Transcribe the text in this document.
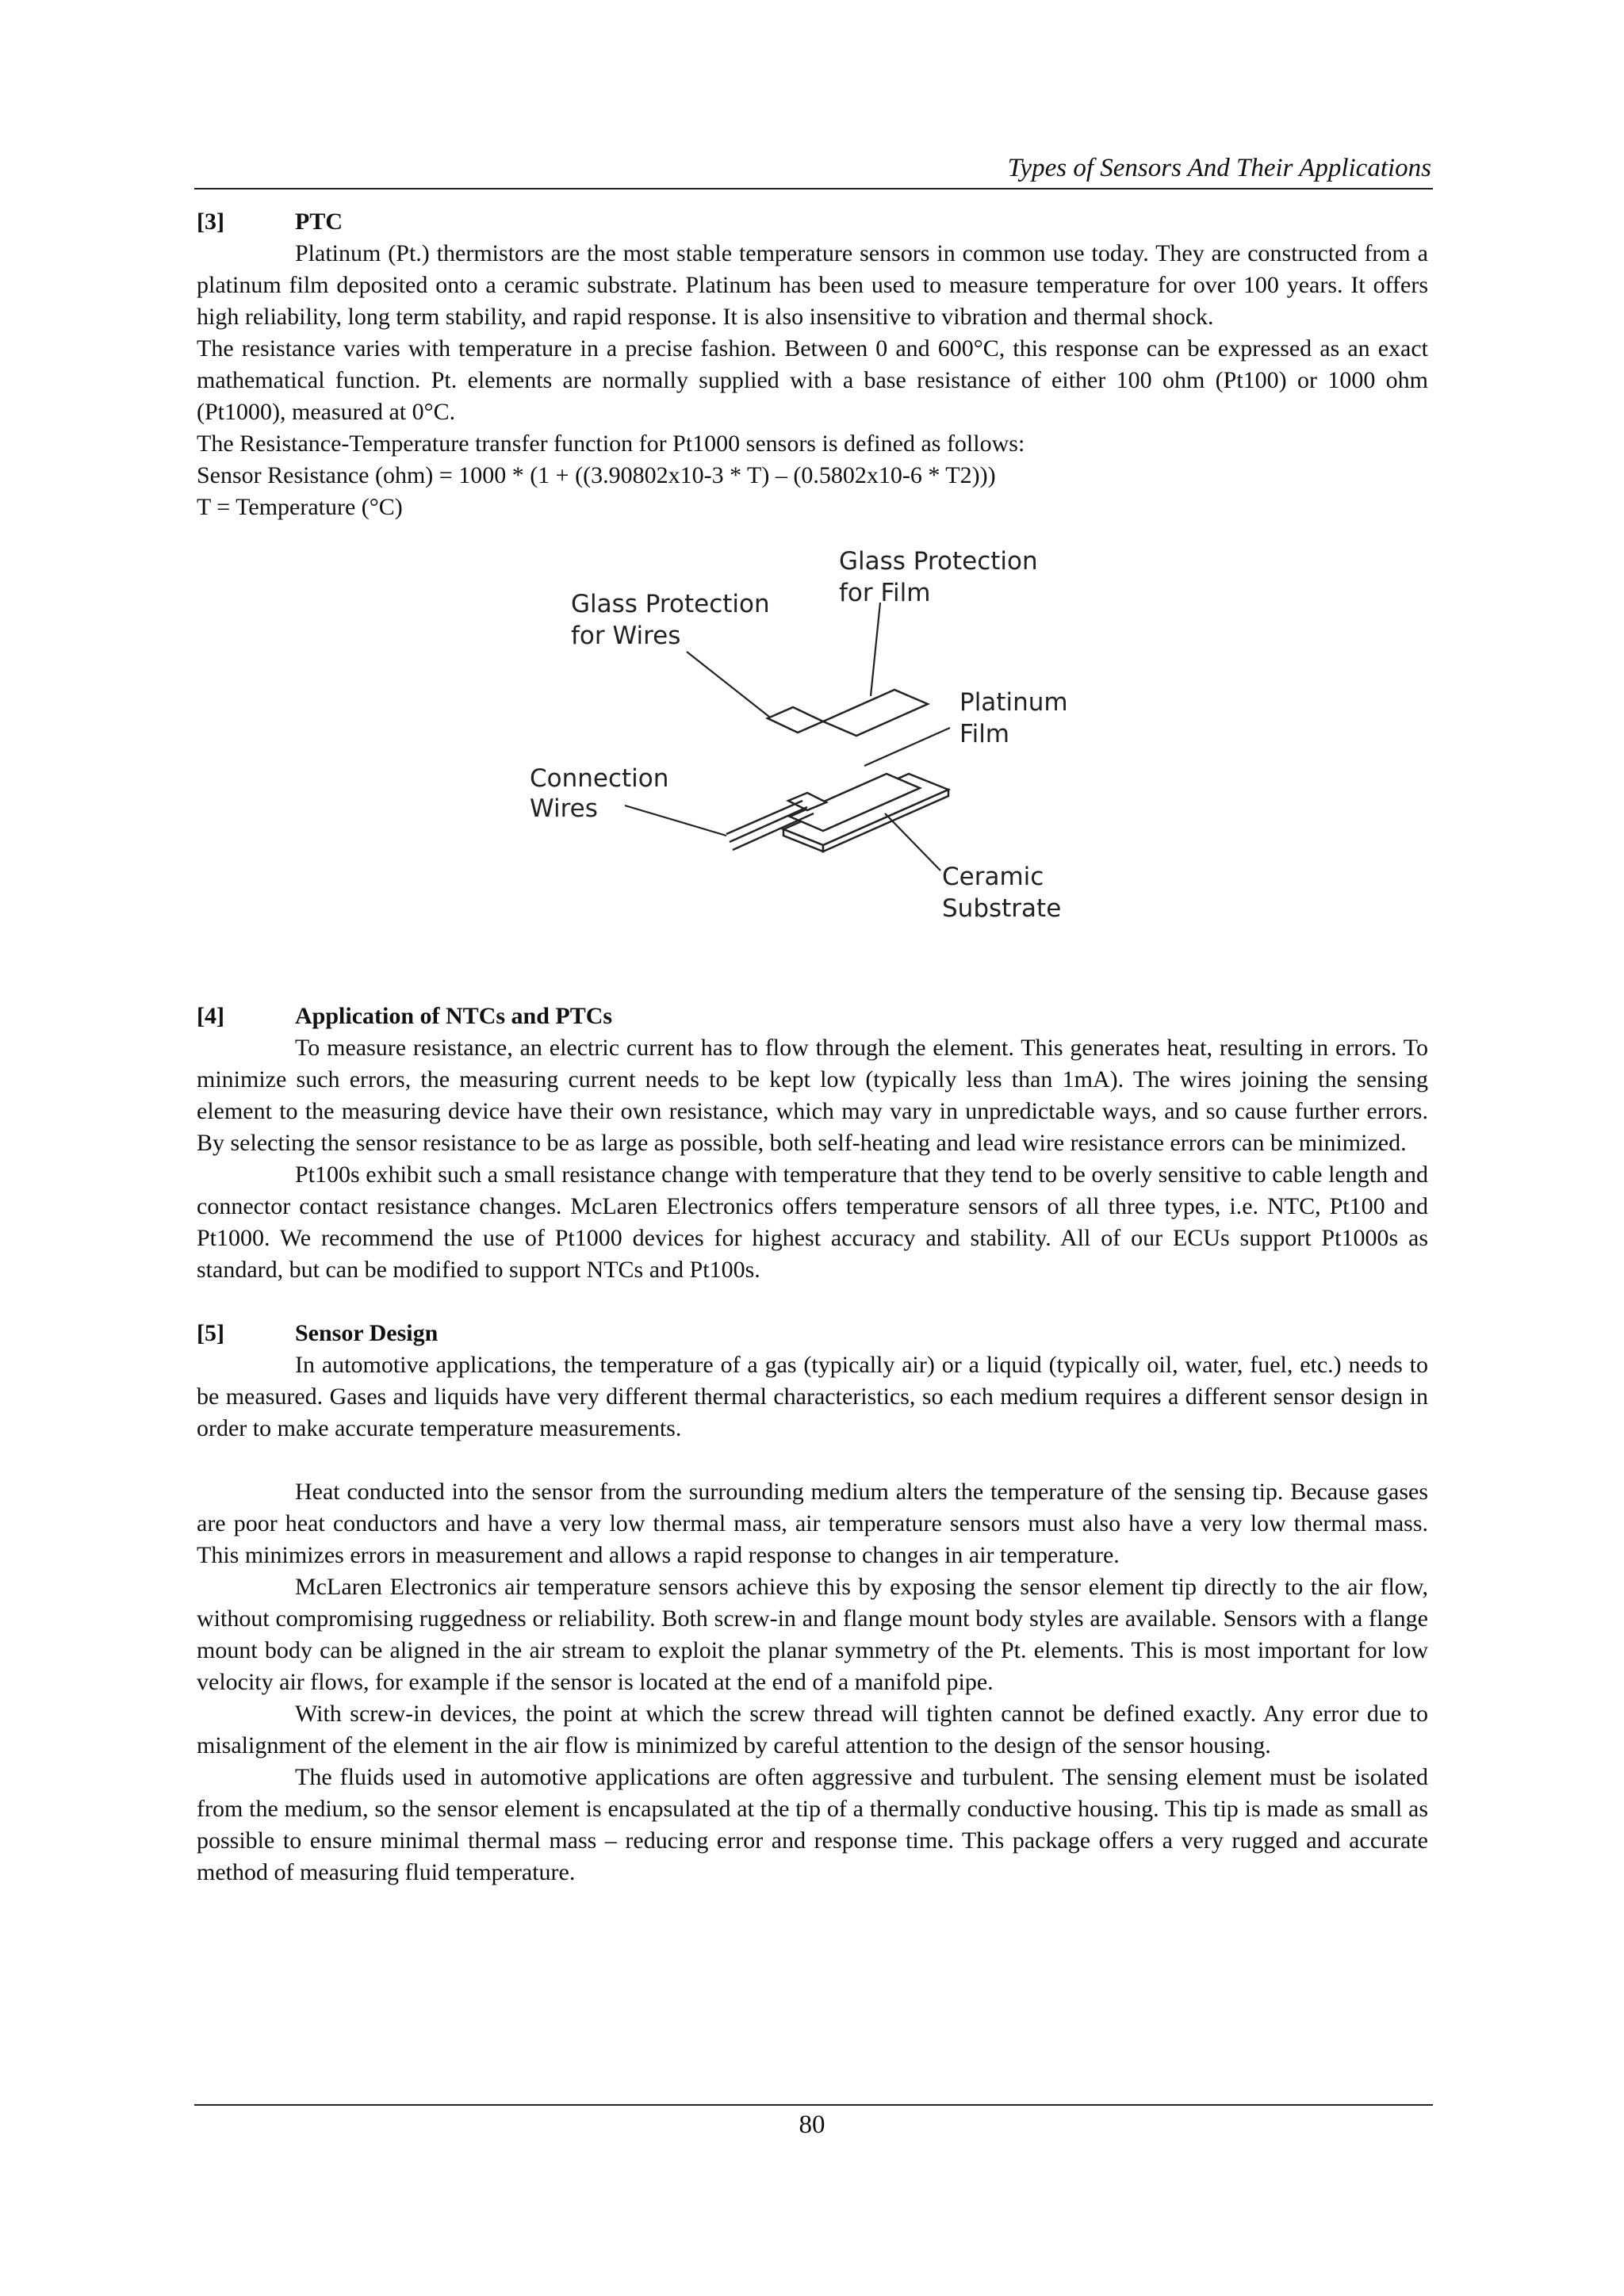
Types of Sensors And Their Applications

[3]	PTC

Platinum (Pt.) thermistors are the most stable temperature sensors in common use today. They are constructed from a platinum film deposited onto a ceramic substrate. Platinum has been used to measure temperature for over 100 years. It offers high reliability, long term stability, and rapid response. It is also insensitive to vibration and thermal shock.

The resistance varies with temperature in a precise fashion. Between 0 and 600°C, this response can be expressed as an exact mathematical function. Pt. elements are normally supplied with a base resistance of either 100 ohm (Pt100) or 1000 ohm (Pt1000), measured at 0°C.

The Resistance-Temperature transfer function for Pt1000 sensors is defined as follows:

Sensor Resistance (ohm) = 1000 * (1 + ((3.90802x10-3 * T) – (0.5802x10-6 * T2)))

T = Temperature (°C)

Glass Protection
for Film
Glass Protection
for Wires
Platinum
Film
Connection
Wires
Ceramic
Substrate

[4]	Application of NTCs and PTCs

To measure resistance, an electric current has to flow through the element. This generates heat, resulting in errors. To minimize such errors, the measuring current needs to be kept low (typically less than 1mA). The wires joining the sensing element to the measuring device have their own resistance, which may vary in unpredictable ways, and so cause further errors. By selecting the sensor resistance to be as large as possible, both self-heating and lead wire resistance errors can be minimized.

Pt100s exhibit such a small resistance change with temperature that they tend to be overly sensitive to cable length and connector contact resistance changes. McLaren Electronics offers temperature sensors of all three types, i.e. NTC, Pt100 and Pt1000. We recommend the use of Pt1000 devices for highest accuracy and stability. All of our ECUs support Pt1000s as standard, but can be modified to support NTCs and Pt100s.

[5]	Sensor Design

In automotive applications, the temperature of a gas (typically air) or a liquid (typically oil, water, fuel, etc.) needs to be measured. Gases and liquids have very different thermal characteristics, so each medium requires a different sensor design in order to make accurate temperature measurements.

Heat conducted into the sensor from the surrounding medium alters the temperature of the sensing tip. Because gases are poor heat conductors and have a very low thermal mass, air temperature sensors must also have a very low thermal mass. This minimizes errors in measurement and allows a rapid response to changes in air temperature.

McLaren Electronics air temperature sensors achieve this by exposing the sensor element tip directly to the air flow, without compromising ruggedness or reliability. Both screw-in and flange mount body styles are available. Sensors with a flange mount body can be aligned in the air stream to exploit the planar symmetry of the Pt. elements. This is most important for low velocity air flows, for example if the sensor is located at the end of a manifold pipe.

With screw-in devices, the point at which the screw thread will tighten cannot be defined exactly. Any error due to misalignment of the element in the air flow is minimized by careful attention to the design of the sensor housing.

The fluids used in automotive applications are often aggressive and turbulent. The sensing element must be isolated from the medium, so the sensor element is encapsulated at the tip of a thermally conductive housing. This tip is made as small as possible to ensure minimal thermal mass – reducing error and response time. This package offers a very rugged and accurate method of measuring fluid temperature.

80
